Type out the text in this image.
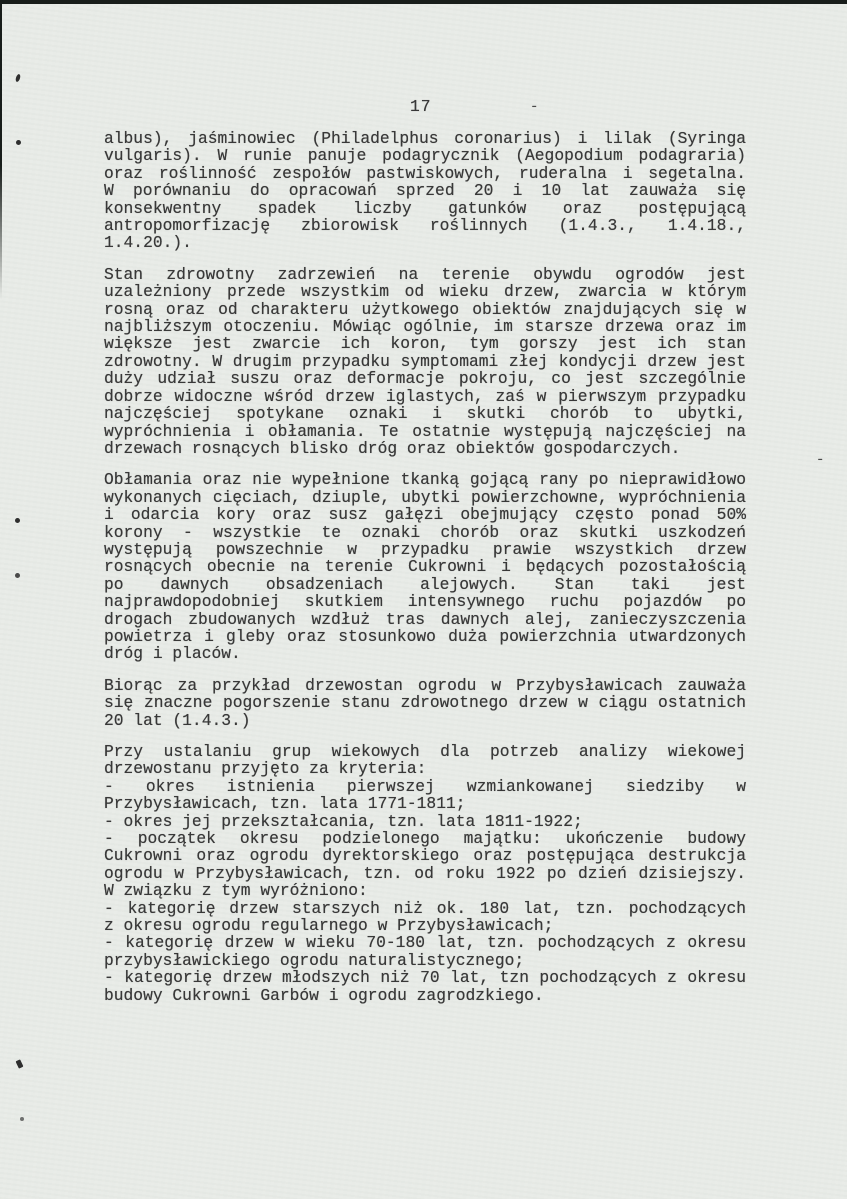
17	-
-
albus), jaśminowiec (Philadelphus coronarius) i lilak (Syringa
vulgaris). W runie panuje podagrycznik (Aegopodium podagraria)
oraz roślinność zespołów pastwiskowych, ruderalna i segetalna.
W porównaniu do opracowań sprzed 20 i 10 lat zauważa się
konsekwentny spadek liczby gatunków oraz postępującą
antropomorfizację zbiorowisk roślinnych (1.4.3., 1.4.18.,
1.4.20.).
Stan zdrowotny zadrzewień na terenie obywdu ogrodów jest
uzależniony przede wszystkim od wieku drzew, zwarcia w którym
rosną oraz od charakteru użytkowego obiektów znajdujących się w
najbliższym otoczeniu. Mówiąc ogólnie, im starsze drzewa oraz im
większe jest zwarcie ich koron, tym gorszy jest ich stan
zdrowotny. W drugim przypadku symptomami złej kondycji drzew jest
duży udział suszu oraz deformacje pokroju, co jest szczególnie
dobrze widoczne wśród drzew iglastych, zaś w pierwszym przypadku
najczęściej spotykane oznaki i skutki chorób to ubytki,
wypróchnienia i obłamania. Te ostatnie występują najczęściej na
drzewach rosnących blisko dróg oraz obiektów gospodarczych.
Obłamania oraz nie wypełnione tkanką gojącą rany po nieprawidłowo
wykonanych cięciach, dziuple, ubytki powierzchowne, wypróchnienia
i odarcia kory oraz susz gałęzi obejmujący często ponad 50%
korony - wszystkie te oznaki chorób oraz skutki uszkodzeń
występują powszechnie w przypadku prawie wszystkich drzew
rosnących obecnie na terenie Cukrowni i będących pozostałością
po dawnych obsadzeniach alejowych. Stan taki jest
najprawdopodobniej skutkiem intensywnego ruchu pojazdów po
drogach zbudowanych wzdłuż tras dawnych alej, zanieczyszczenia
powietrza i gleby oraz stosunkowo duża powierzchnia utwardzonych
dróg i placów.
Biorąc za przykład drzewostan ogrodu w Przybysławicach zauważa
się znaczne pogorszenie stanu zdrowotnego drzew w ciągu ostatnich
20 lat (1.4.3.)
Przy ustalaniu grup wiekowych dla potrzeb analizy wiekowej
drzewostanu przyjęto za kryteria:
- okres istnienia pierwszej wzmiankowanej siedziby w
Przybysławicach, tzn. lata 1771-1811;
- okres jej przekształcania, tzn. lata 1811-1922;
- początek okresu podzielonego majątku: ukończenie budowy
Cukrowni oraz ogrodu dyrektorskiego oraz postępująca destrukcja
ogrodu w Przybysławicach, tzn. od roku 1922 po dzień dzisiejszy.
W związku z tym wyróżniono:
- kategorię drzew starszych niż ok. 180 lat, tzn. pochodzących
z okresu ogrodu regularnego w Przybysławicach;
- kategorię drzew w wieku 70-180 lat, tzn. pochodzących z okresu
przybysławickiego ogrodu naturalistycznego;
- kategorię drzew młodszych niż 70 lat, tzn pochodzących z okresu
budowy Cukrowni Garbów i ogrodu zagrodzkiego.
